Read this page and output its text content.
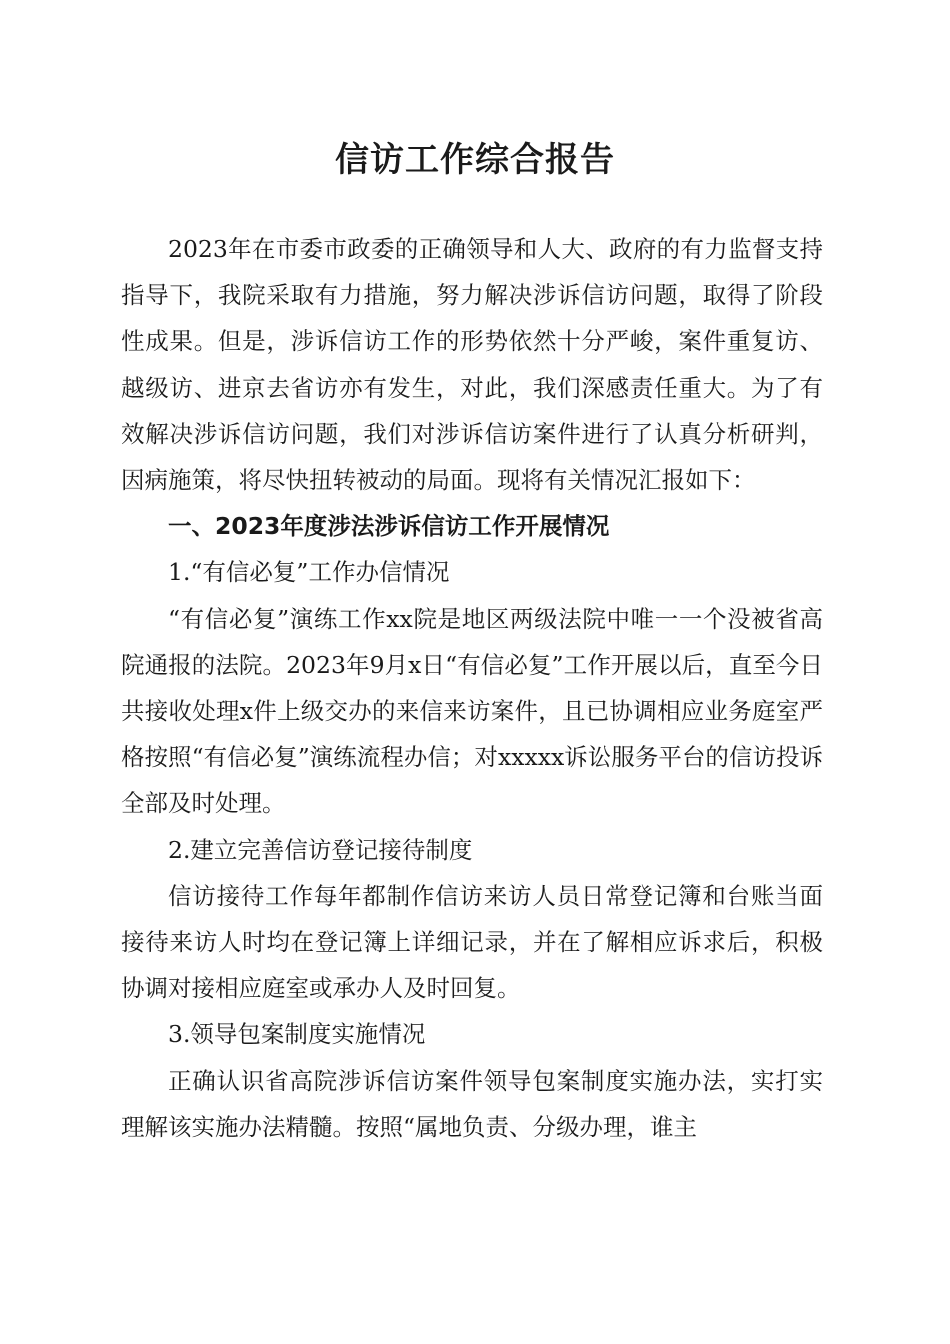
信访工作综合报告

2023年在市委市政委的正确领导和人大、政府的有力监督支持指导下，我院采取有力措施，努力解决涉诉信访问题，取得了阶段性成果。但是，涉诉信访工作的形势依然十分严峻，案件重复访、越级访、进京去省访亦有发生，对此，我们深感责任重大。为了有效解决涉诉信访问题，我们对涉诉信访案件进行了认真分析研判，因病施策，将尽快扭转被动的局面。现将有关情况汇报如下：

一、2023年度涉法涉诉信访工作开展情况

1.“有信必复”工作办信情况

“有信必复”演练工作xx院是地区两级法院中唯一一个没被省高院通报的法院。2023年9月x日“有信必复”工作开展以后，直至今日共接收处理x件上级交办的来信来访案件，且已协调相应业务庭室严格按照“有信必复”演练流程办信；对xxxxx诉讼服务平台的信访投诉全部及时处理。

2.建立完善信访登记接待制度

信访接待工作每年都制作信访来访人员日常登记簿和台账当面接待来访人时均在登记簿上详细记录，并在了解相应诉求后，积极协调对接相应庭室或承办人及时回复。

3.领导包案制度实施情况

正确认识省高院涉诉信访案件领导包案制度实施办法，实打实理解该实施办法精髓。按照“属地负责、分级办理，谁主
